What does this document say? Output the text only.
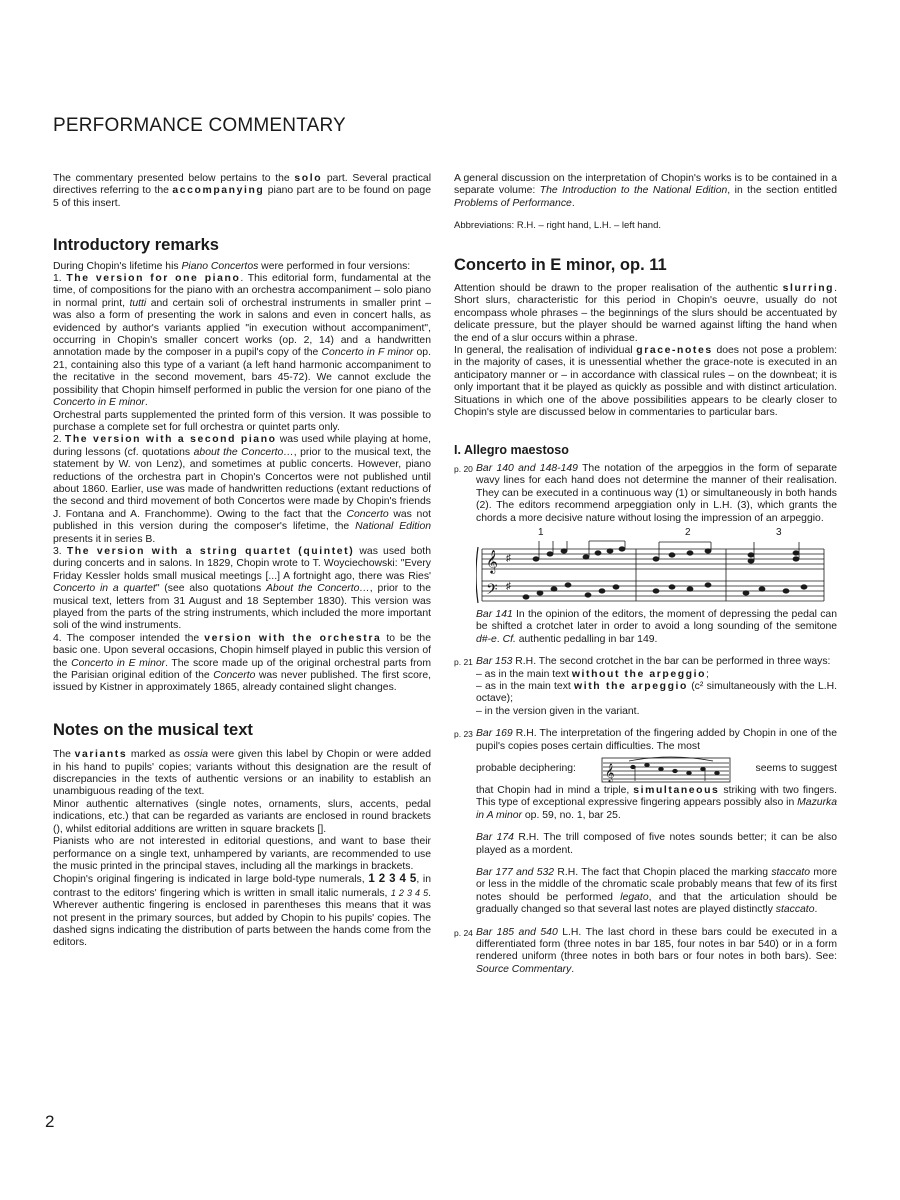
PERFORMANCE COMMENTARY

The commentary presented below pertains to the solo part. Several practical directives referring to the accompanying piano part are to be found on page 5 of this insert.

Introductory remarks

During Chopin's lifetime his Piano Concertos were performed in four versions:

1. The version for one piano. This editorial form, fundamental at the time, of compositions for the piano with an orchestra accompaniment – solo piano in normal print, tutti and certain soli of orchestral instruments in smaller print – was also a form of presenting the work in salons and even in concert halls, as evidenced by author's variants applied "in execution without accompaniment", occurring in Chopin's smaller concert works (op. 2, 14) and a handwritten annotation made by the composer in a pupil's copy of the Concerto in F minor op. 21, containing also this type of a variant (a left hand harmonic accompaniment to the recitative in the second movement, bars 45-72). We cannot exclude the possibility that Chopin himself performed in public the version for one piano of the Concerto in E minor.

Orchestral parts supplemented the printed form of this version. It was possible to purchase a complete set for full orchestra or quintet parts only.

2. The version with a second piano was used while playing at home, during lessons (cf. quotations about the Concerto…, prior to the musical text, the statement by W. von Lenz), and sometimes at public concerts. However, piano reductions of the orchestra part in Chopin's Concertos were not published until about 1860. Earlier, use was made of handwritten reductions (extant reductions of the second and third movement of both Concertos were made by Chopin's friends J. Fontana and A. Franchomme). Owing to the fact that the Concerto was not published in this version during the composer's lifetime, the National Edition presents it in series B.

3. The version with a string quartet (quintet) was used both during concerts and in salons. In 1829, Chopin wrote to T. Woyciechowski: "Every Friday Kessler holds small musical meetings [...] A fortnight ago, there was Ries' Concerto in a quartet" (see also quotations About the Concerto…, prior to the musical text, letters from 31 August and 18 September 1830). This version was played from the parts of the string instruments, which included the more important soli of the wind instruments.

4. The composer intended the version with the orchestra to be the basic one. Upon several occasions, Chopin himself played in public this version of the Concerto in E minor. The score made up of the original orchestral parts from the Parisian original edition of the Concerto was never published. The first score, issued by Kistner in approximately 1865, already contained slight changes.

Notes on the musical text

The variants marked as ossia were given this label by Chopin or were added in his hand to pupils' copies; variants without this designation are the result of discrepancies in the texts of authentic versions or an inability to establish an unambiguous reading of the text.

Minor authentic alternatives (single notes, ornaments, slurs, accents, pedal indications, etc.) that can be regarded as variants are enclosed in round brackets (), whilst editorial additions are written in square brackets [].

Pianists who are not interested in editorial questions, and want to base their performance on a single text, unhampered by variants, are recommended to use the music printed in the principal staves, including all the markings in brackets.

Chopin's original fingering is indicated in large bold-type numerals, 1 2 3 4 5, in contrast to the editors' fingering which is written in small italic numerals, 1 2 3 4 5. Wherever authentic fingering is enclosed in parentheses this means that it was not present in the primary sources, but added by Chopin to his pupils' copies. The dashed signs indicating the distribution of parts between the hands come from the editors.

A general discussion on the interpretation of Chopin's works is to be contained in a separate volume: The Introduction to the National Edition, in the section entitled Problems of Performance.

Abbreviations: R.H. – right hand, L.H. – left hand.

Concerto in E minor, op. 11

Attention should be drawn to the proper realisation of the authentic slurring. Short slurs, characteristic for this period in Chopin's oeuvre, usually do not encompass whole phrases – the beginnings of the slurs should be accentuated by delicate pressure, but the player should be warned against lifting the hand when the end of a slur occurs within a phrase.

In general, the realisation of individual grace-notes does not pose a problem: in the majority of cases, it is unessential whether the grace-note is executed in an anticipatory manner or – in accordance with classical rules – on the downbeat; it is only important that it be played as quickly as possible and with distinct articulation. Situations in which one of the above possibilities appears to be clearly closer to Chopin's style are discussed below in commentaries to particular bars.

I. Allegro maestoso
p. 20 Bar 140 and 148-149 The notation of the arpeggios in the form of separate wavy lines for each hand does not determine the manner of their realisation. They can be executed in a continuous way (1) or simultaneously in both hands (2). The editors recommend arpeggiation only in L.H. (3), which grants the chords a more decisive nature without losing the impression of an arpeggio.

1	2	3
𝄞
𝄢
♯
♯

Bar 141 In the opinion of the editors, the moment of depressing the pedal can be shifted a crotchet later in order to avoid a long sounding of the semitone d#-e. Cf. authentic pedalling in bar 149.

p. 21 Bar 153 R.H. The second crotchet in the bar can be performed in three ways:

– as in the main text without the arpeggio;

– as in the main text with the arpeggio (c² simultaneously with the L.H. octave);

– in the version given in the variant.

p. 23 Bar 169 R.H. The interpretation of the fingering added by Chopin in one of the pupil's copies poses certain difficulties. The most

probable deciphering: 𝄞	seems to suggest

that Chopin had in mind a triple, simultaneous striking with two fingers. This type of exceptional expressive fingering appears possibly also in Mazurka in A minor op. 59, no. 1, bar 25.

Bar 174 R.H. The trill composed of five notes sounds better; it can be also played as a mordent.

Bar 177 and 532 R.H. The fact that Chopin placed the marking staccato more or less in the middle of the chromatic scale probably means that few of its first notes should be performed legato, and that the articulation should be gradually changed so that several last notes are played distinctly staccato.

p. 24 Bar 185 and 540 L.H. The last chord in these bars could be executed in a differentiated form (three notes in bar 185, four notes in bar 540) or in a form rendered uniform (three notes in both bars or four notes in both bars). See: Source Commentary.

2
